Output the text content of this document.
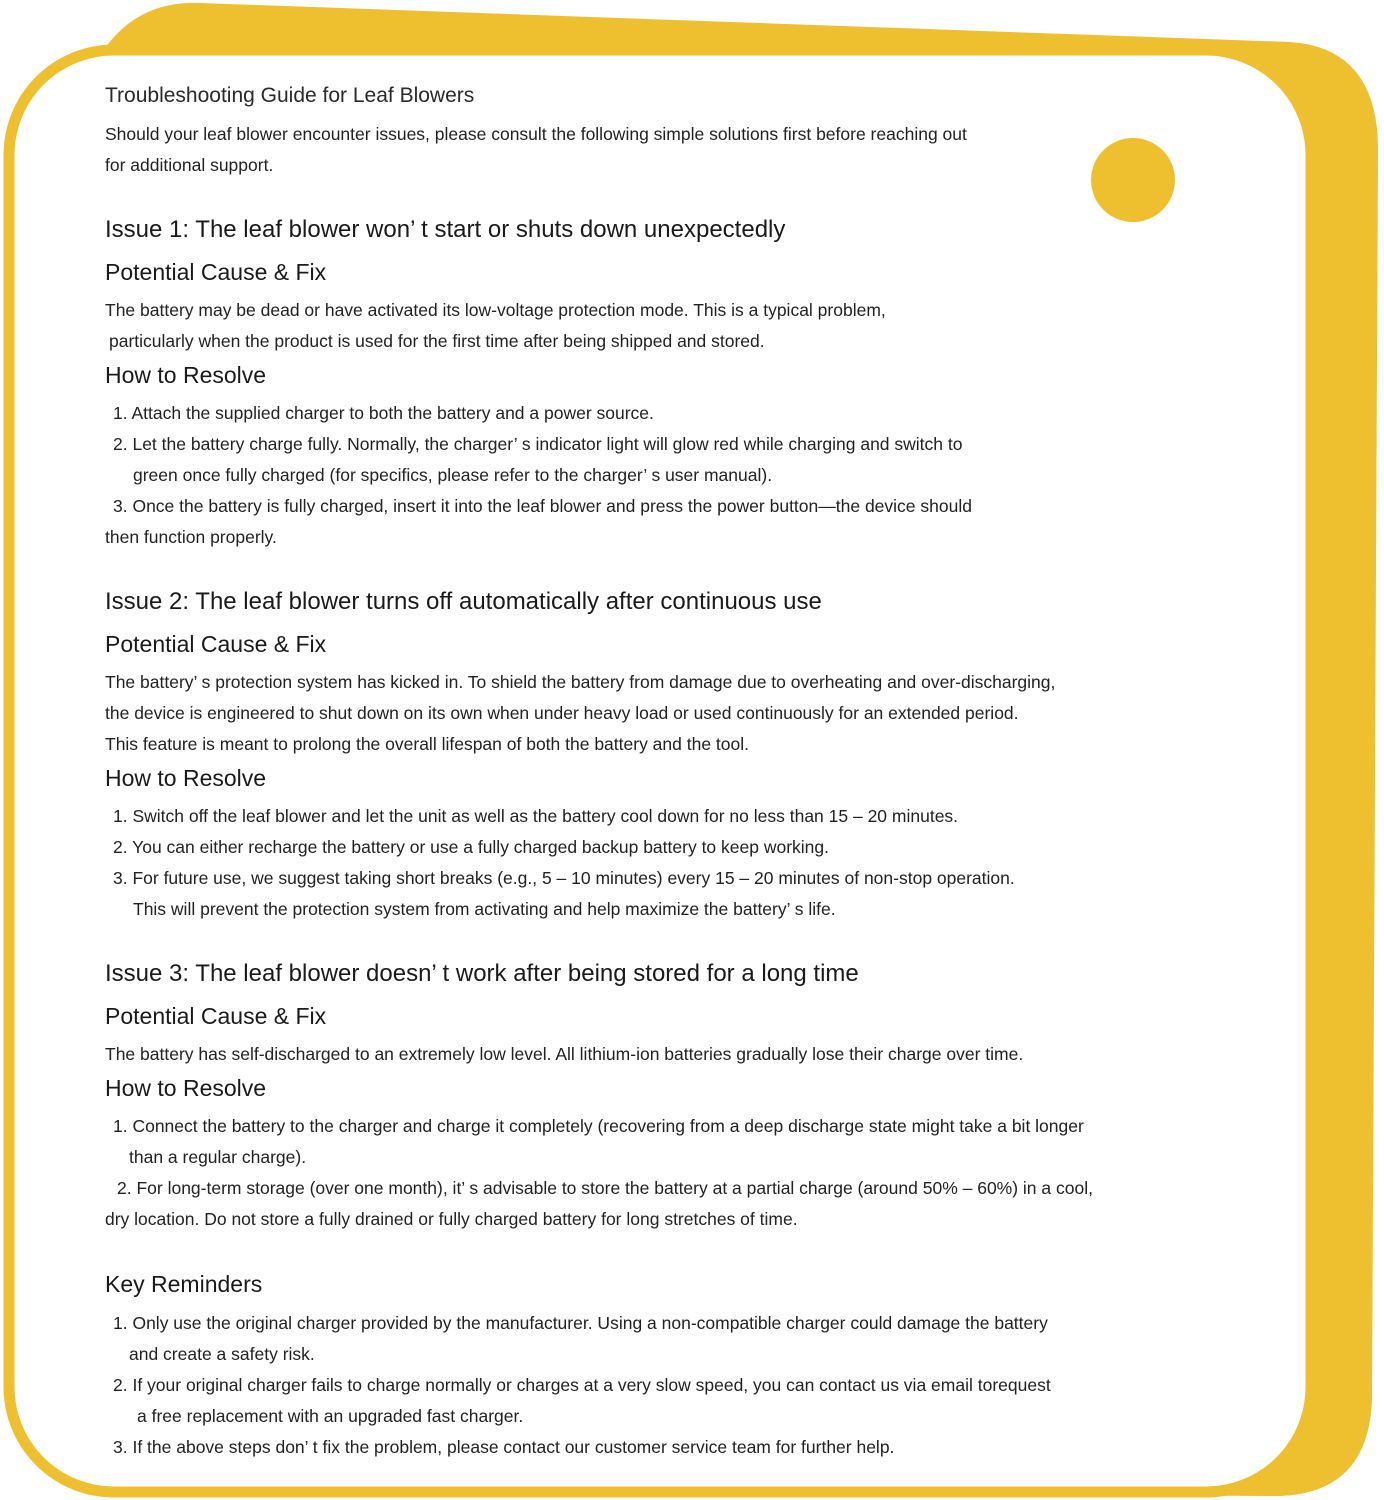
Troubleshooting Guide for Leaf Blowers
Should your leaf blower encounter issues, please consult the following simple solutions first before reaching out
for additional support.
Issue 1: The leaf blower won’ t start or shuts down unexpectedly
Potential Cause & Fix
The battery may be dead or have activated its low-voltage protection mode. This is a typical problem,
particularly when the product is used for the first time after being shipped and stored.
How to Resolve
1. Attach the supplied charger to both the battery and a power source.
2. Let the battery charge fully. Normally, the charger’ s indicator light will glow red while charging and switch to
green once fully charged (for specifics, please refer to the charger’ s user manual).
3. Once the battery is fully charged, insert it into the leaf blower and press the power button—the device should
then function properly.
Issue 2: The leaf blower turns off automatically after continuous use
Potential Cause & Fix
The battery’ s protection system has kicked in. To shield the battery from damage due to overheating and over-discharging,
the device is engineered to shut down on its own when under heavy load or used continuously for an extended period.
This feature is meant to prolong the overall lifespan of both the battery and the tool.
How to Resolve
1. Switch off the leaf blower and let the unit as well as the battery cool down for no less than 15 – 20 minutes.
2. You can either recharge the battery or use a fully charged backup battery to keep working.
3. For future use, we suggest taking short breaks (e.g., 5 – 10 minutes) every 15 – 20 minutes of non-stop operation.
This will prevent the protection system from activating and help maximize the battery’ s life.
Issue 3: The leaf blower doesn’ t work after being stored for a long time
Potential Cause & Fix
The battery has self-discharged to an extremely low level. All lithium-ion batteries gradually lose their charge over time.
How to Resolve
1. Connect the battery to the charger and charge it completely (recovering from a deep discharge state might take a bit longer
than a regular charge).
2. For long-term storage (over one month), it’ s advisable to store the battery at a partial charge (around 50% – 60%) in a cool,
dry location. Do not store a fully drained or fully charged battery for long stretches of time.
Key Reminders
1. Only use the original charger provided by the manufacturer. Using a non-compatible charger could damage the battery
and create a safety risk.
2. If your original charger fails to charge normally or charges at a very slow speed, you can contact us via email torequest
a free replacement with an upgraded fast charger.
3. If the above steps don’ t fix the problem, please contact our customer service team for further help.
